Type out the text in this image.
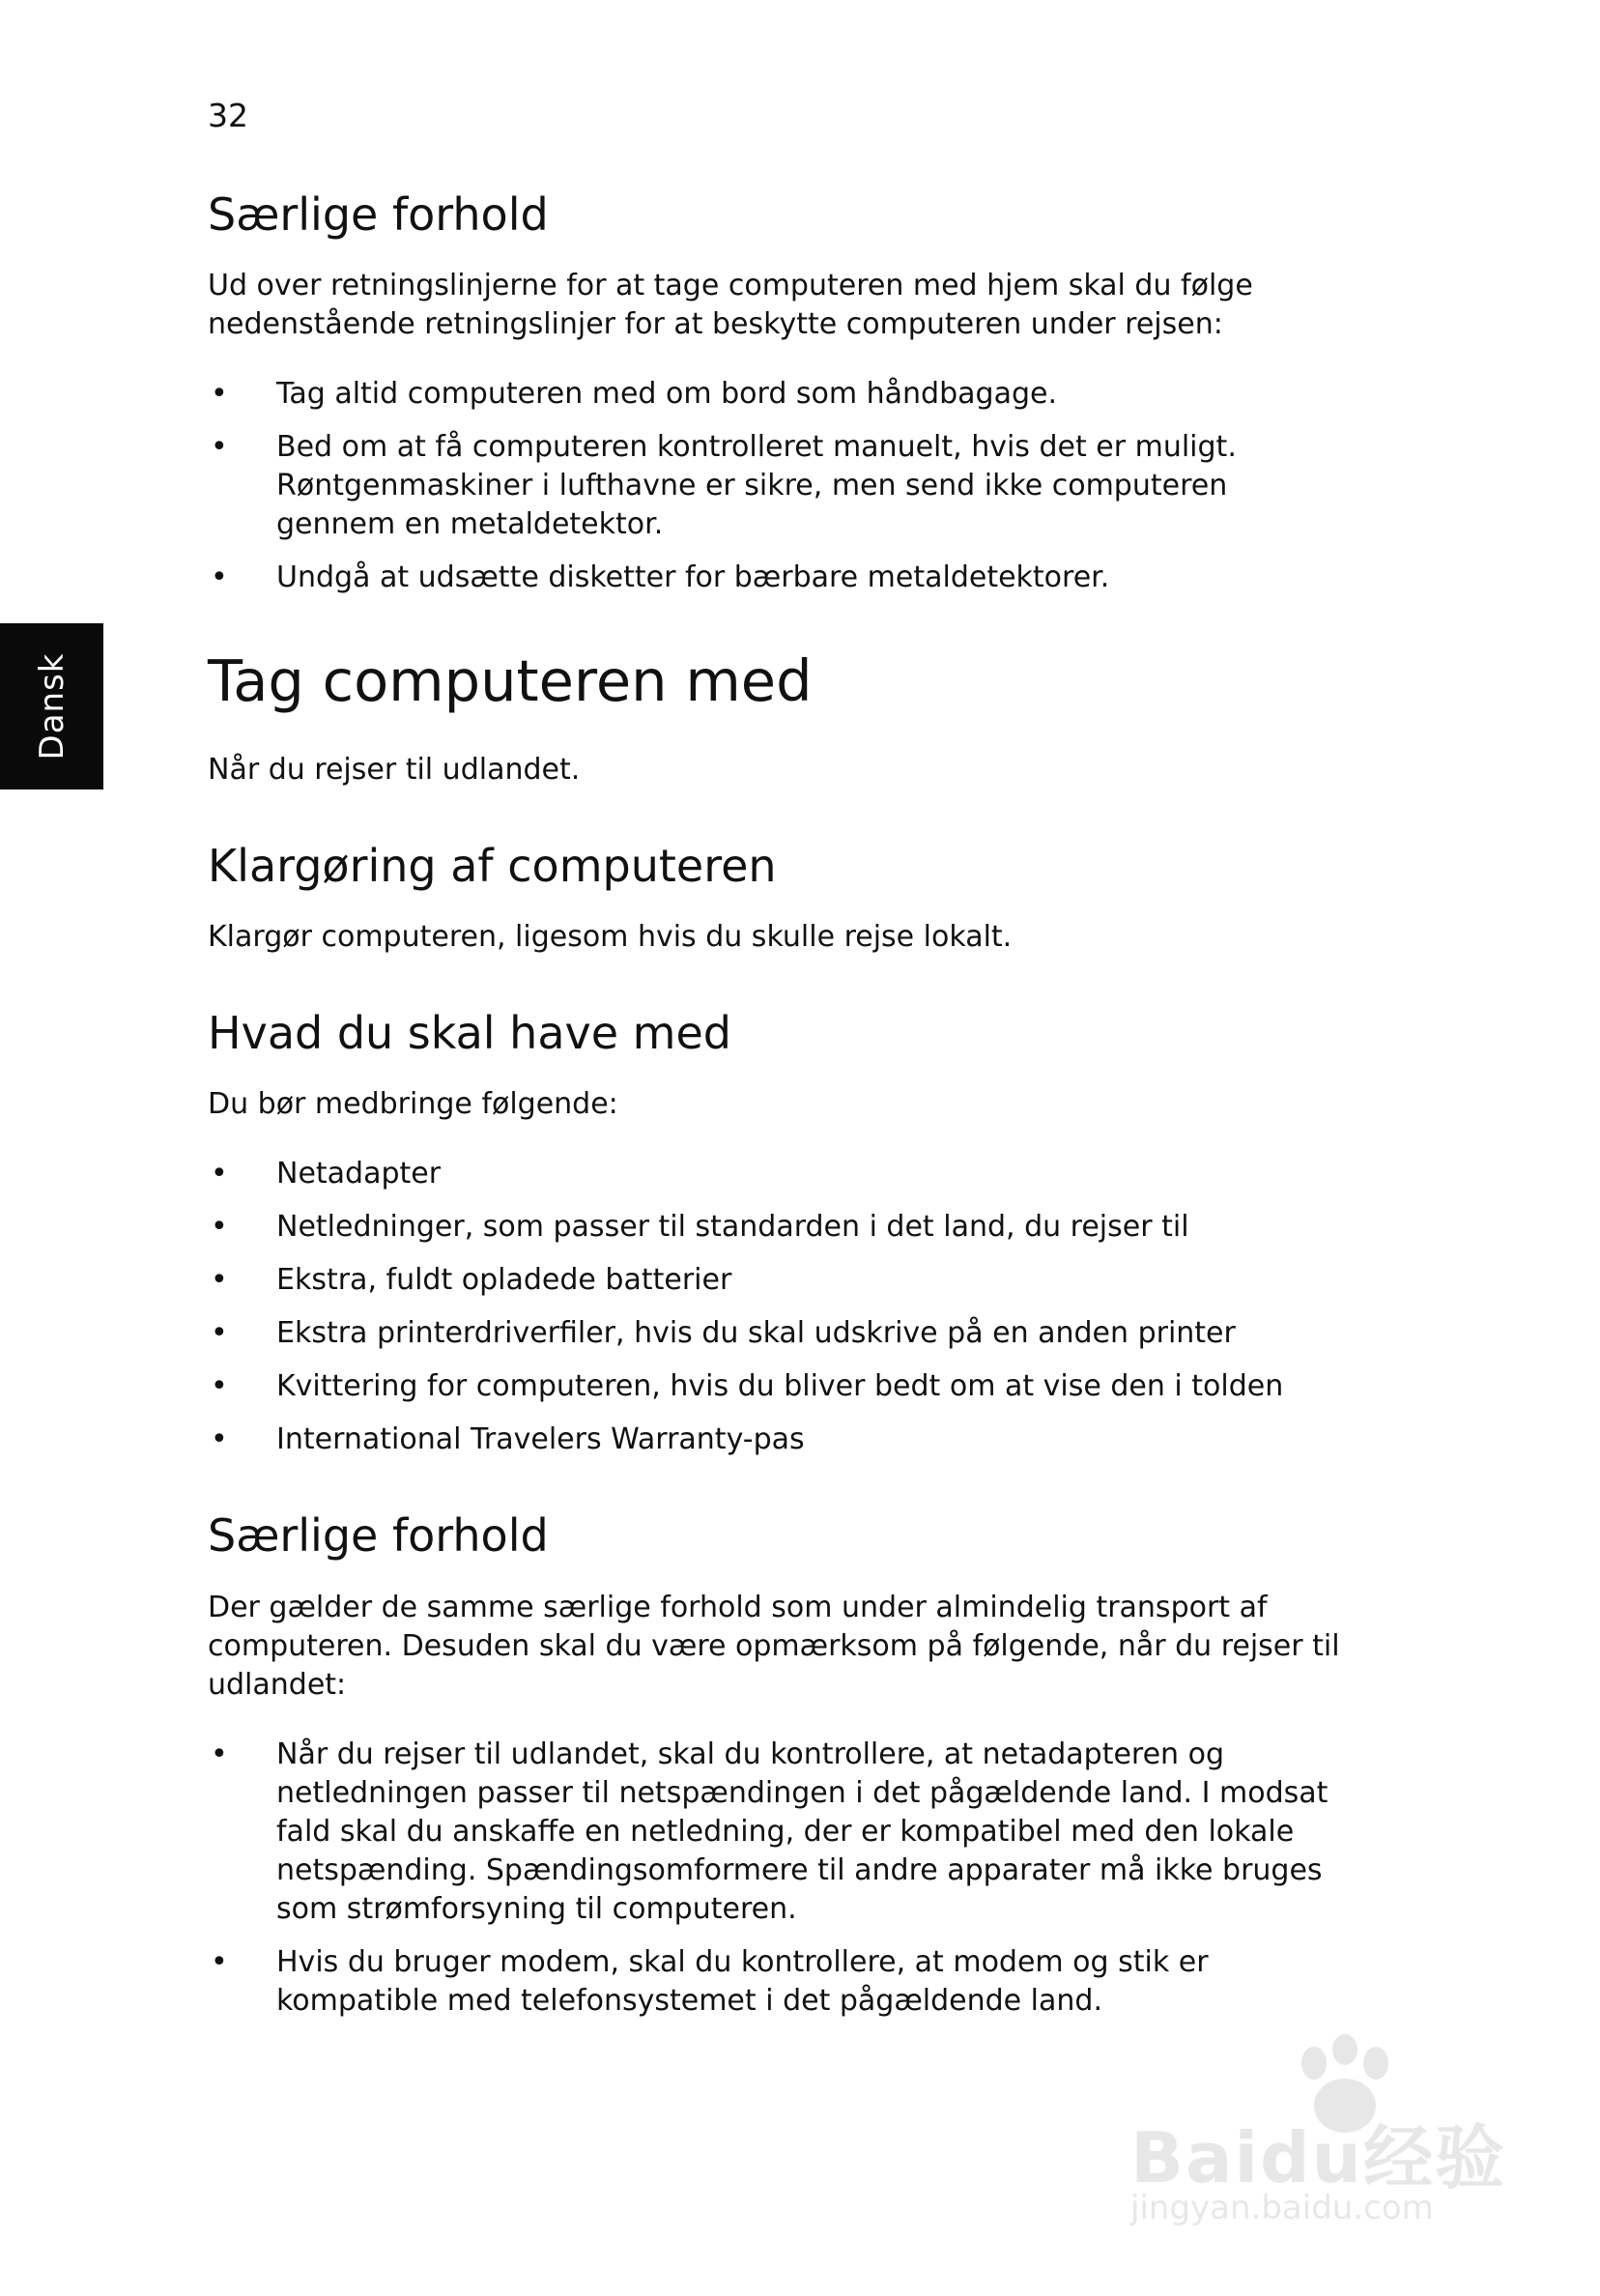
32
Dansk
Særlige forhold

Ud over retningslinjerne for at tage computeren med hjem skal du følge nedenstående retningslinjer for at beskytte computeren under rejsen:

• Tag altid computeren med om bord som håndbagage.
• Bed om at få computeren kontrolleret manuelt, hvis det er muligt. Røntgenmaskiner i lufthavne er sikre, men send ikke computeren gennem en metaldetektor.
• Undgå at udsætte disketter for bærbare metaldetektorer.
Tag computeren med

Når du rejser til udlandet.

Klargøring af computeren

Klargør computeren, ligesom hvis du skulle rejse lokalt.

Hvad du skal have med

Du bør medbringe følgende:

• Netadapter
• Netledninger, som passer til standarden i det land, du rejser til
• Ekstra, fuldt opladede batterier
• Ekstra printerdriverfiler, hvis du skal udskrive på en anden printer
• Kvittering for computeren, hvis du bliver bedt om at vise den i tolden
• International Travelers Warranty-pas
Særlige forhold

Der gælder de samme særlige forhold som under almindelig transport af computeren. Desuden skal du være opmærksom på følgende, når du rejser til udlandet:

• Når du rejser til udlandet, skal du kontrollere, at netadapteren og netledningen passer til netspændingen i det pågældende land. I modsat fald skal du anskaffe en netledning, der er kompatibel med den lokale netspænding. Spændingsomformere til andre apparater må ikke bruges som strømforsyning til computeren.
• Hvis du bruger modem, skal du kontrollere, at modem og stik er kompatible med telefonsystemet i det pågældende land.
Baidu经验
jingyan.baidu.com
